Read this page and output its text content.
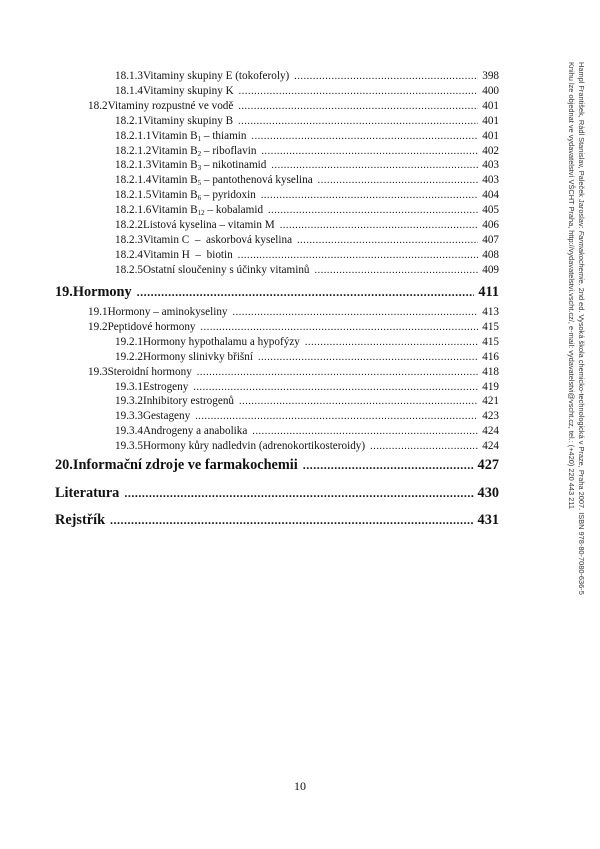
18.1.3 Vitaminy skupiny E (tokoferoly) .....	398
18.1.4 Vitaminy skupiny K .....	400
18.2 Vitaminy rozpustné ve vodě .....	401
18.2.1 Vitaminy skupiny B .....	401
18.2.1.1 Vitamin $B_1$ – thiamin .....	401
18.2.1.2 Vitamin $B_2$ – riboflavin .....	402
18.2.1.3 Vitamin $B_3$ – nikotinamid .....	403
18.2.1.4 Vitamin $B_5$ – pantothenová kyselina .....	403
18.2.1.5 Vitamin $B_6$ – pyridoxin .....	404
18.2.1.6 Vitamin $B_{12}$ – kobalamid .....	405
18.2.2 Listová kyselina – vitamin M .....	406
18.2.3 Vitamin C  –  askorbová kyselina .....	407
18.2.4 Vitamin H  –  biotin .....	408
18.2.5 Ostatní sloučeniny s účinky vitaminů .....	409
19. Hormony .....	411
19.1 Hormony – aminokyseliny .....	413
19.2 Peptidové hormony .....	415
19.2.1 Hormony hypothalamu a hypofýzy .....	415
19.2.2 Hormony slinivky břišní .....	416
19.3 Steroidní hormony .....	418
19.3.1 Estrogeny .....	419
19.3.2 Inhibitory estrogenů .....	421
19.3.3 Gestageny .....	423
19.3.4 Androgeny a anabolika .....	424
19.3.5 Hormony kůry nadledvin (adrenokortikosteroidy) .....	424
20. Informační zdroje ve farmakochemii .....	427
Literatura .....	430
Rejstřík .....	431
10
Hampl František, Rádl Stanislav, Paleček Jaroslav: Farmakochemie. 2nd ed. Vysoká škola chemicko-technologická v Praze, Praha 2007. ISBN 978-80-7080-636-5
Knihu lze objednat ve vydavatelství VŠCHT Praha, http://vydavatelstvi.vscht.cz/, e-mail: vydavatelstvi@vscht.cz, tel.: (+420) 220 443 211
